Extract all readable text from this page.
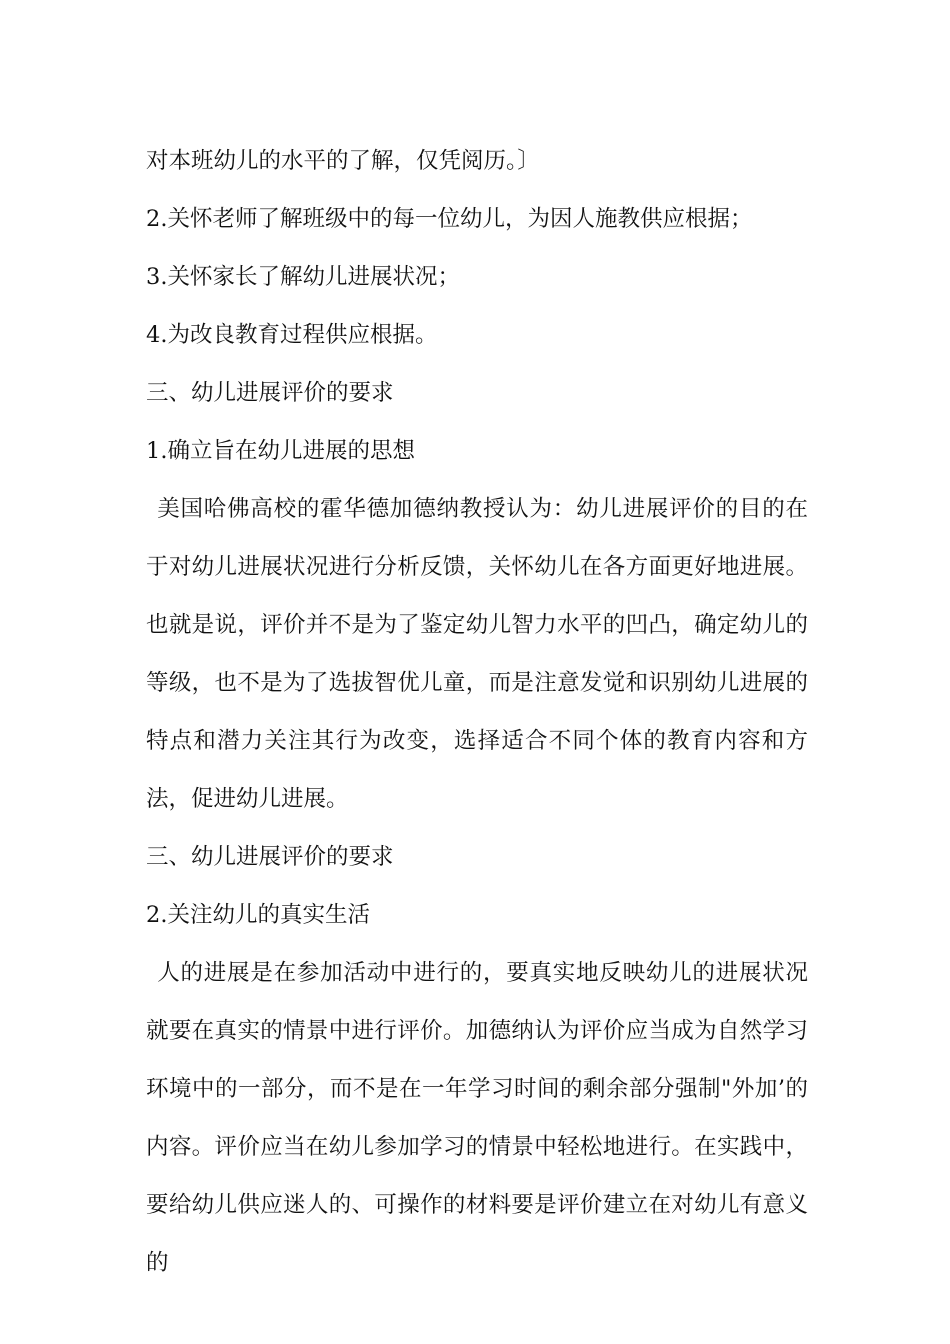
对本班幼儿的水平的了解，仅凭阅历。〕

2.关怀老师了解班级中的每一位幼儿，为因人施教供应根据；

3.关怀家长了解幼儿进展状况；

4.为改良教育过程供应根据。

三、幼儿进展评价的要求

1.确立旨在幼儿进展的思想

美国哈佛高校的霍华德加德纳教授认为：幼儿进展评价的目的在于对幼儿进展状况进行分析反馈，关怀幼儿在各方面更好地进展。也就是说，评价并不是为了鉴定幼儿智力水平的凹凸，确定幼儿的等级，也不是为了选拔智优儿童，而是注意发觉和识别幼儿进展的特点和潜力关注其行为改变，选择适合不同个体的教育内容和方法，促进幼儿进展。

三、幼儿进展评价的要求

2.关注幼儿的真实生活

人的进展是在参加活动中进行的，要真实地反映幼儿的进展状况就要在真实的情景中进行评价。加德纳认为评价应当成为自然学习环境中的一部分，而不是在一年学习时间的剩余部分强制"外加’的内容。评价应当在幼儿参加学习的情景中轻松地进行。在实践中，要给幼儿供应迷人的、可操作的材料要是评价建立在对幼儿有意义的
